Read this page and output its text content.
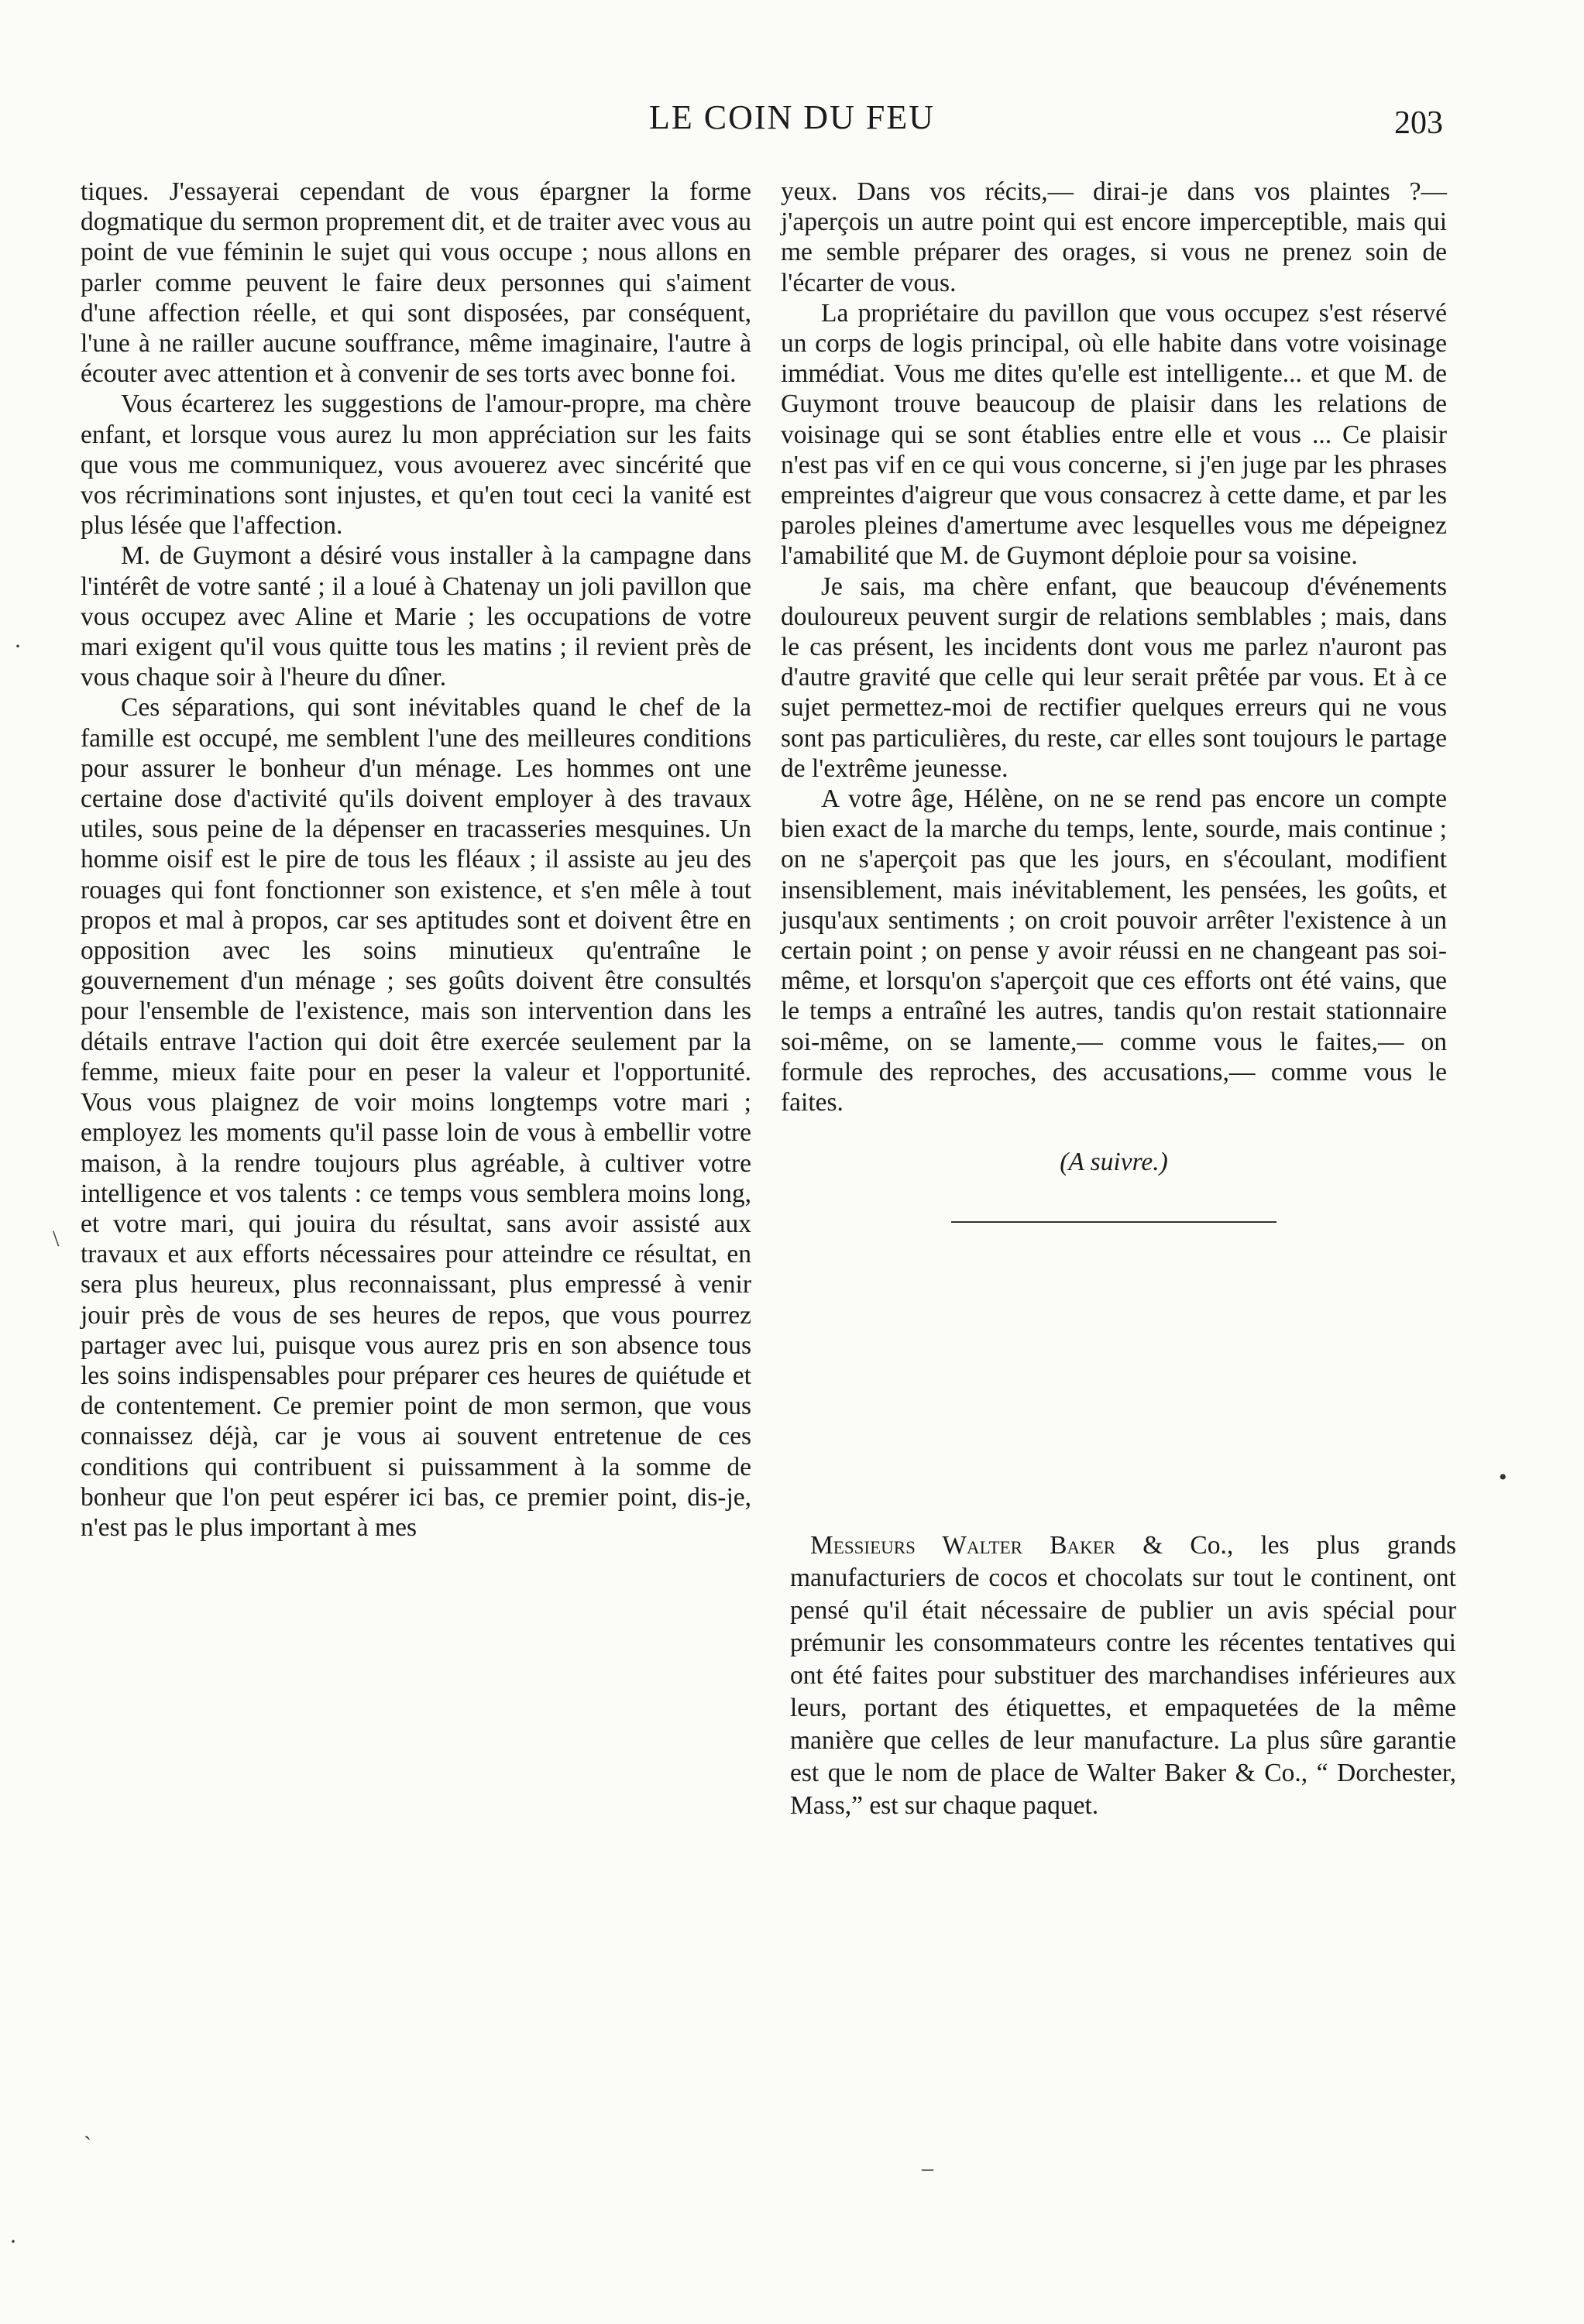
LE COIN DU FEU	203

tiques. J'essayerai cependant de vous épargner la forme dogmatique du sermon proprement dit, et de traiter avec vous au point de vue féminin le sujet qui vous occupe ; nous allons en parler comme peuvent le faire deux personnes qui s'aiment d'une affection réelle, et qui sont disposées, par conséquent, l'une à ne railler aucune souffrance, même imaginaire, l'autre à écouter avec attention et à convenir de ses torts avec bonne foi.

Vous écarterez les suggestions de l'amour-propre, ma chère enfant, et lorsque vous aurez lu mon appréciation sur les faits que vous me communiquez, vous avouerez avec sincérité que vos récriminations sont injustes, et qu'en tout ceci la vanité est plus lésée que l'affection.

M. de Guymont a désiré vous installer à la campagne dans l'intérêt de votre santé ; il a loué à Chatenay un joli pavillon que vous occupez avec Aline et Marie ; les occupations de votre mari exigent qu'il vous quitte tous les matins ; il revient près de vous chaque soir à l'heure du dîner.

Ces séparations, qui sont inévitables quand le chef de la famille est occupé, me semblent l'une des meilleures conditions pour assurer le bonheur d'un ménage. Les hommes ont une certaine dose d'activité qu'ils doivent employer à des travaux utiles, sous peine de la dépenser en tracasseries mesquines. Un homme oisif est le pire de tous les fléaux ; il assiste au jeu des rouages qui font fonctionner son existence, et s'en mêle à tout propos et mal à propos, car ses aptitudes sont et doivent être en opposition avec les soins minutieux qu'entraîne le gouvernement d'un ménage ; ses goûts doivent être consultés pour l'ensemble de l'existence, mais son intervention dans les détails entrave l'action qui doit être exercée seulement par la femme, mieux faite pour en peser la valeur et l'opportunité. Vous vous plaignez de voir moins longtemps votre mari ; employez les moments qu'il passe loin de vous à embellir votre maison, à la rendre toujours plus agréable, à cultiver votre intelligence et vos talents : ce temps vous semblera moins long, et votre mari, qui jouira du résultat, sans avoir assisté aux travaux et aux efforts nécessaires pour atteindre ce résultat, en sera plus heureux, plus reconnaissant, plus empressé à venir jouir près de vous de ses heures de repos, que vous pourrez partager avec lui, puisque vous aurez pris en son absence tous les soins indispensables pour préparer ces heures de quiétude et de contentement. Ce premier point de mon sermon, que vous connaissez déjà, car je vous ai souvent entretenue de ces conditions qui contribuent si puissamment à la somme de bonheur que l'on peut espérer ici bas, ce premier point, dis-je, n'est pas le plus important à mes

yeux. Dans vos récits,— dirai-je dans vos plaintes ?— j'aperçois un autre point qui est encore imperceptible, mais qui me semble préparer des orages, si vous ne prenez soin de l'écarter de vous.

La propriétaire du pavillon que vous occupez s'est réservé un corps de logis principal, où elle habite dans votre voisinage immédiat. Vous me dites qu'elle est intelligente... et que M. de Guymont trouve beaucoup de plaisir dans les relations de voisinage qui se sont établies entre elle et vous ... Ce plaisir n'est pas vif en ce qui vous concerne, si j'en juge par les phrases empreintes d'aigreur que vous consacrez à cette dame, et par les paroles pleines d'amertume avec lesquelles vous me dépeignez l'amabilité que M. de Guymont déploie pour sa voisine.

Je sais, ma chère enfant, que beaucoup d'événements douloureux peuvent surgir de relations semblables ; mais, dans le cas présent, les incidents dont vous me parlez n'auront pas d'autre gravité que celle qui leur serait prêtée par vous. Et à ce sujet permettez-moi de rectifier quelques erreurs qui ne vous sont pas particulières, du reste, car elles sont toujours le partage de l'extrême jeunesse.

A votre âge, Hélène, on ne se rend pas encore un compte bien exact de la marche du temps, lente, sourde, mais continue ; on ne s'aperçoit pas que les jours, en s'écoulant, modifient insensiblement, mais inévitablement, les pensées, les goûts, et jusqu'aux sentiments ; on croit pouvoir arrêter l'existence à un certain point ; on pense y avoir réussi en ne changeant pas soi-même, et lorsqu'on s'aperçoit que ces efforts ont été vains, que le temps a entraîné les autres, tandis qu'on restait stationnaire soi-même, on se lamente,— comme vous le faites,— on formule des reproches, des accusations,— comme vous le faites.

(A suivre.)

Messieurs Walter Baker & Co., les plus grands manufacturiers de cocos et chocolats sur tout le continent, ont pensé qu'il était nécessaire de publier un avis spécial pour prémunir les consommateurs contre les récentes tentatives qui ont été faites pour substituer des marchandises inférieures aux leurs, portant des étiquettes, et empaquetées de la même manière que celles de leur manufacture. La plus sûre garantie est que le nom de place de Walter Baker & Co., “ Dorchester, Mass,” est sur chaque paquet.

·
\
ˋ
·
–
•
